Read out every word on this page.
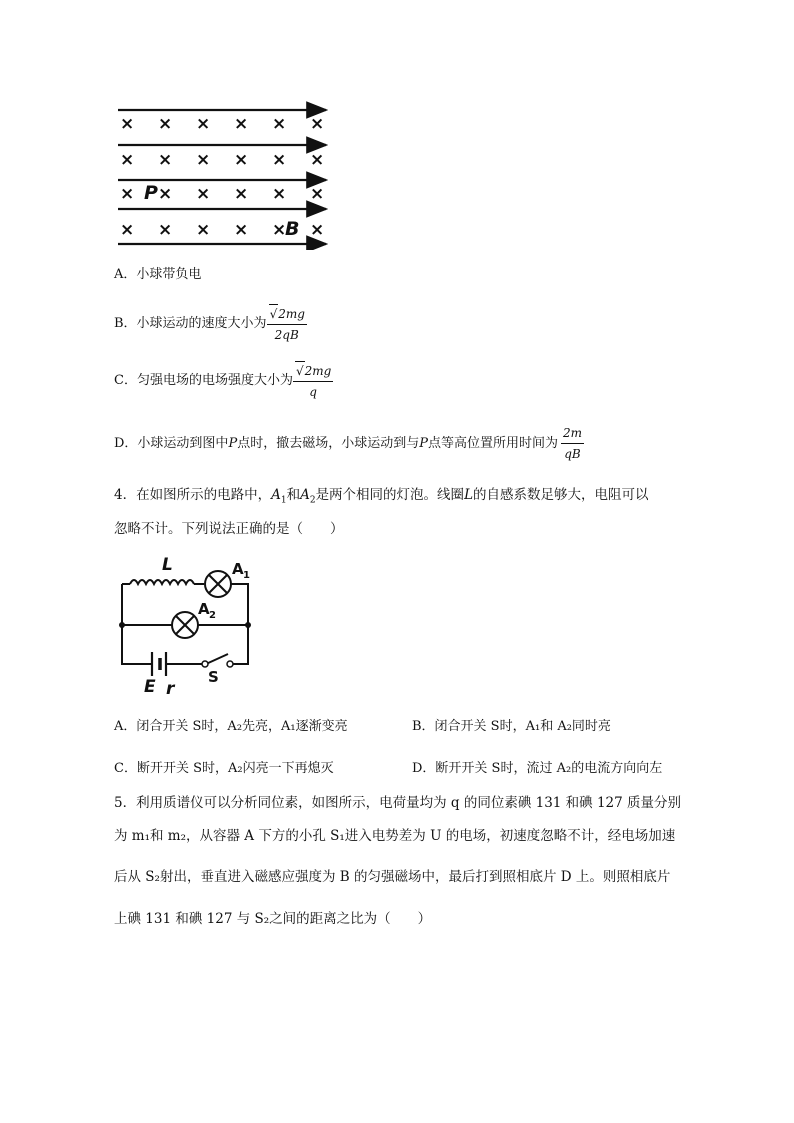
× × × × × ×
× × × × × ×
× × × × × ×
× × × × × ×
P
B
A．小球带负电
B．小球运动的速度大小为 $\frac{√2mg}{2qB}$
C．匀强电场的电场强度大小为 $\frac{√2mg}{q}$
D．小球运动到图中 P 点时，撤去磁场，小球运动到与 P 点等高位置所用时间为 $\frac{2m}{qB}$
4．在如图所示的电路中，$A_1$和$A_2$是两个相同的灯泡。线圈L的自感系数足够大，电阻可以
忽略不计。下列说法正确的是（　　）
L
E r
A 1
A 2
S
A．闭合开关 S时，A₂先亮，A₁逐渐变亮	B．闭合开关 S时，A₁和 A₂同时亮
C．断开开关 S时，A₂闪亮一下再熄灭	D．断开开关 S时，流过 A₂的电流方向向左
5．利用质谱仪可以分析同位素，如图所示，电荷量均为 q 的同位素碘 131 和碘 127 质量分别
为 m₁和 m₂，从容器 A 下方的小孔 S₁进入电势差为 U 的电场，初速度忽略不计，经电场加速
后从 S₂射出，垂直进入磁感应强度为 B 的匀强磁场中，最后打到照相底片 D 上。则照相底片
上碘 131 和碘 127 与 S₂之间的距离之比为（　　）
